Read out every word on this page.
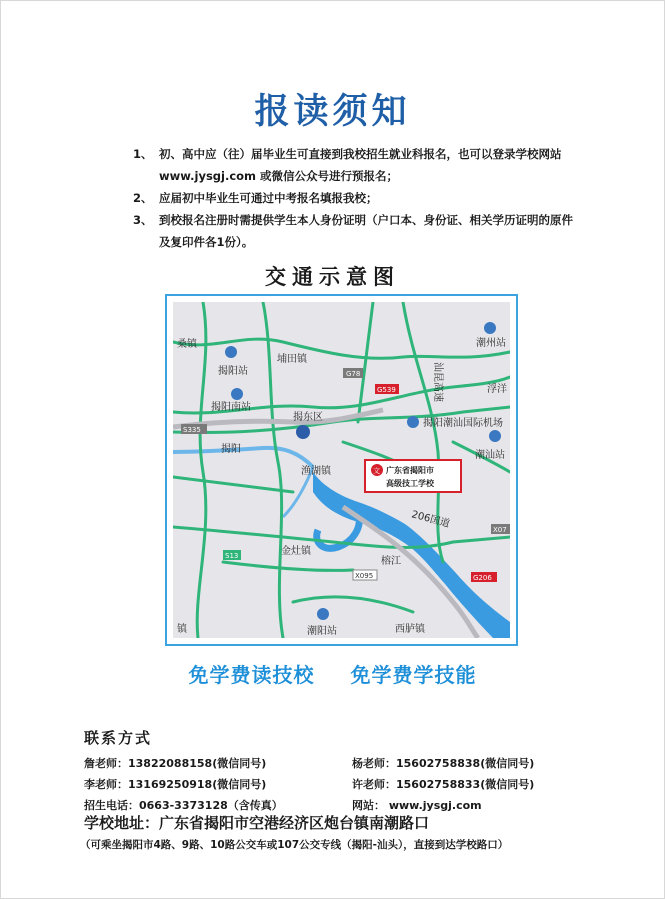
报读须知
1、 初、高中应（往）届毕业生可直接到我校招生就业科报名，也可以登录学校网站 www.jysgj.com 或微信公众号进行预报名；
2、 应届初中毕业生可通过中考报名填报我校；
3、 到校报名注册时需提供学生本人身份证明（户口本、身份证、相关学历证明的原件及复印件各1份）。
交通示意图
桑镇
揭阳站
埔田镇
G78	汕昆高速
潮州站
G539	浮洋
揭阳南站
揭东区
揭阳潮汕国际机场
S335
揭阳
潮汕站
渔湖镇	文 广东省揭阳市 高级技工学校
206国道	X07
S13	金灶镇
榕江
X095	G206
镇	潮阳站	西胪镇
免学费读技校 免学费学技能
联系方式
詹老师：13822088158(微信同号)	杨老师：15602758838(微信同号)
李老师：13169250918(微信同号)	许老师：15602758833(微信同号)
招生电话：0663-3373128（含传真）	网站： www.jysgj.com
学校地址：广东省揭阳市空港经济区炮台镇南潮路口
（可乘坐揭阳市4路、9路、10路公交车或107公交专线（揭阳-汕头），直接到达学校路口）
